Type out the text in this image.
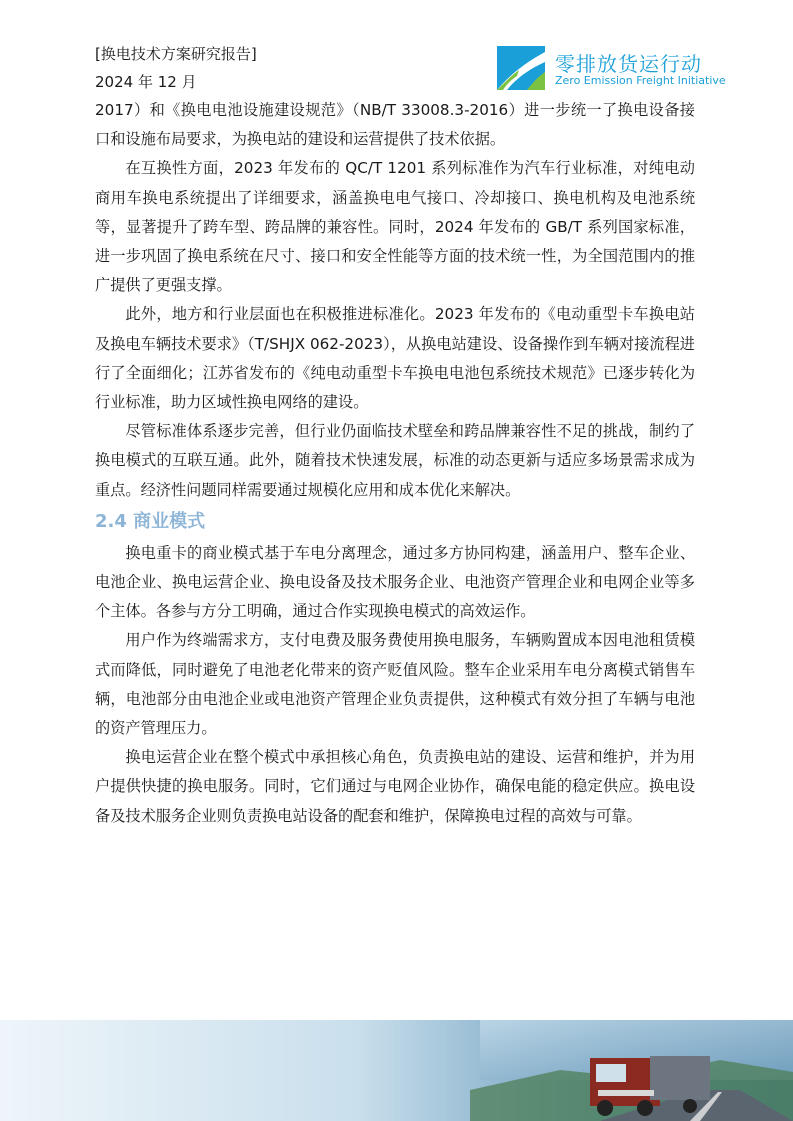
[换电技术方案研究报告]
2024 年 12 月
零排放货运行动
Zero Emission Freight Initiative

2017）和《换电电池设施建设规范》（NB/T 33008.3-2016）进一步统一了换电设备接口和设施布局要求，为换电站的建设和运营提供了技术依据。

在互换性方面，2023 年发布的 QC/T 1201 系列标准作为汽车行业标准，对纯电动商用车换电系统提出了详细要求，涵盖换电电气接口、冷却接口、换电机构及电池系统等，显著提升了跨车型、跨品牌的兼容性。同时，2024 年发布的 GB/T 系列国家标准，进一步巩固了换电系统在尺寸、接口和安全性能等方面的技术统一性，为全国范围内的推广提供了更强支撑。

此外，地方和行业层面也在积极推进标准化。2023 年发布的《电动重型卡车换电站及换电车辆技术要求》（T/SHJX 062-2023），从换电站建设、设备操作到车辆对接流程进行了全面细化；江苏省发布的《纯电动重型卡车换电电池包系统技术规范》已逐步转化为行业标准，助力区域性换电网络的建设。

尽管标准体系逐步完善，但行业仍面临技术壁垒和跨品牌兼容性不足的挑战，制约了换电模式的互联互通。此外，随着技术快速发展，标准的动态更新与适应多场景需求成为重点。经济性问题同样需要通过规模化应用和成本优化来解决。

2.4 商业模式

换电重卡的商业模式基于车电分离理念，通过多方协同构建，涵盖用户、整车企业、电池企业、换电运营企业、换电设备及技术服务企业、电池资产管理企业和电网企业等多个主体。各参与方分工明确，通过合作实现换电模式的高效运作。

用户作为终端需求方，支付电费及服务费使用换电服务，车辆购置成本因电池租赁模式而降低，同时避免了电池老化带来的资产贬值风险。整车企业采用车电分离模式销售车辆，电池部分由电池企业或电池资产管理企业负责提供，这种模式有效分担了车辆与电池的资产管理压力。

换电运营企业在整个模式中承担核心角色，负责换电站的建设、运营和维护，并为用户提供快捷的换电服务。同时，它们通过与电网企业协作，确保电能的稳定供应。换电设备及技术服务企业则负责换电站设备的配套和维护，保障换电过程的高效与可靠。
